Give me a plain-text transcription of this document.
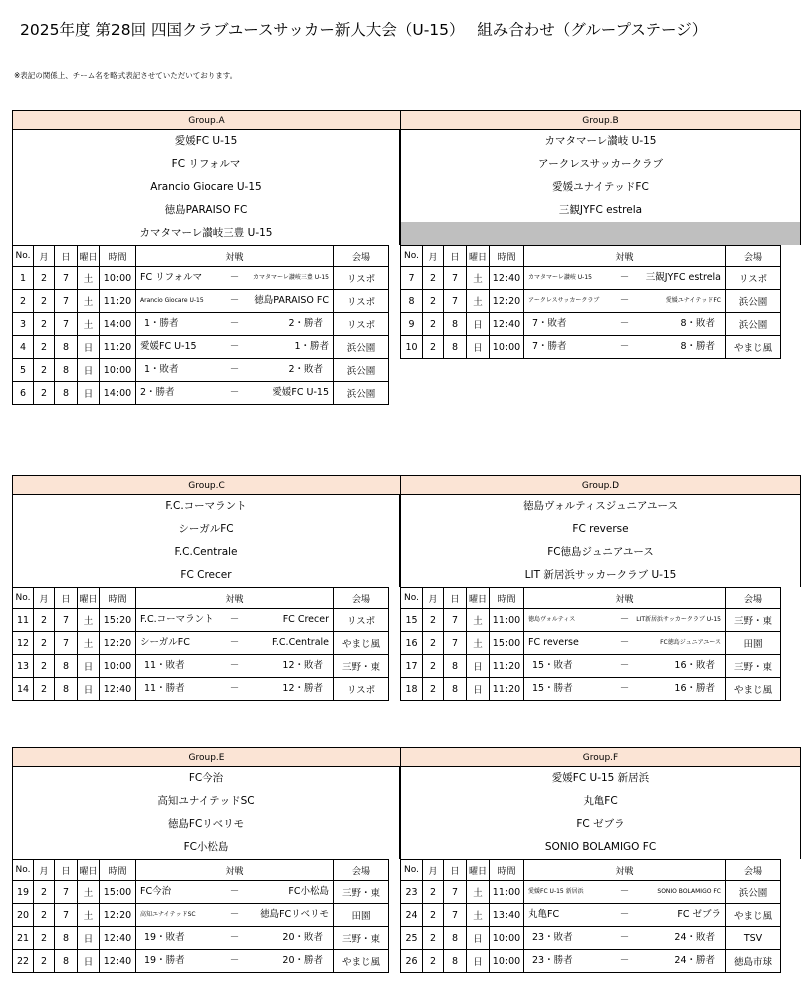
2025年度 第28回 四国クラブユースサッカー新人大会（U-15）　 組み合わせ（グループステージ）
※表記の関係上、チーム名を略式表記させていただいております。
Group.A
愛媛FC U-15
FC リフォルマ
Arancio Giocare U-15
徳島PARAISO FC
カマタマーレ讃岐三豊 U-15
No.	月	日	曜日	時間	対戦	会場
1	2	7	土	10:00	FC リフォルマ － カマタマーレ讃岐三豊 U-15	リスポ
2	2	7	土	11:20	Arancio Giocare U-15 － 徳島PARAISO FC	リスポ
3	2	7	土	14:00	1・勝者 － 2・勝者	リスポ
4	2	8	日	11:20	愛媛FC U-15 － 1・勝者	浜公園
5	2	8	日	10:00	1・敗者 － 2・敗者	浜公園
6	2	8	日	14:00	2・勝者 － 愛媛FC U-15	浜公園
Group.B
カマタマーレ讃岐 U-15
アークレスサッカークラブ
愛媛ユナイテッドFC
三観JYFC estrela
No.	月	日	曜日	時間	対戦	会場
7	2	7	土	12:40	カマタマーレ讃岐 U-15 － 三観JYFC estrela	リスポ
8	2	7	土	12:20	アークレスサッカークラブ － 愛媛ユナイテッドFC	浜公園
9	2	8	日	12:40	7・敗者 － 8・敗者	浜公園
10	2	8	日	10:00	7・勝者 － 8・勝者	やまじ風
Group.C
F.C.コーマラント
シーガルFC
F.C.Centrale
FC Crecer
No.	月	日	曜日	時間	対戦	会場
11	2	7	土	15:20	F.C.コーマラント － FC Crecer	リスポ
12	2	7	土	12:20	シーガルFC － F.C.Centrale	やまじ風
13	2	8	日	10:00	11・敗者 － 12・敗者	三野・東
14	2	8	日	12:40	11・勝者 － 12・勝者	リスポ
Group.D
徳島ヴォルティスジュニアユース
FC reverse
FC徳島ジュニアユース
LIT 新居浜サッカークラブ U-15
No.	月	日	曜日	時間	対戦	会場
15	2	7	土	11:00	徳島ヴォルティス － LIT新居浜サッカークラブ U-15	三野・東
16	2	7	土	15:00	FC reverse － FC徳島ジュニアユース	田園
17	2	8	日	11:20	15・敗者 － 16・敗者	三野・東
18	2	8	日	11:20	15・勝者 － 16・勝者	やまじ風
Group.E
FC今治
高知ユナイテッドSC
徳島FCリベリモ
FC小松島
No.	月	日	曜日	時間	対戦	会場
19	2	7	土	15:00	FC今治 － FC小松島	三野・東
20	2	7	土	12:20	高知ユナイテッドSC － 徳島FCリベリモ	田園
21	2	8	日	12:40	19・敗者 － 20・敗者	三野・東
22	2	8	日	12:40	19・勝者 － 20・勝者	やまじ風
Group.F
愛媛FC U-15 新居浜
丸亀FC
FC ゼブラ
SONIO BOLAMIGO FC
No.	月	日	曜日	時間	対戦	会場
23	2	7	土	11:00	愛媛FC U-15 新居浜 － SONIO BOLAMIGO FC	浜公園
24	2	7	土	13:40	丸亀FC － FC ゼブラ	やまじ風
25	2	8	日	10:00	23・敗者 － 24・敗者	TSV
26	2	8	日	10:00	23・勝者 － 24・勝者	徳島市球
